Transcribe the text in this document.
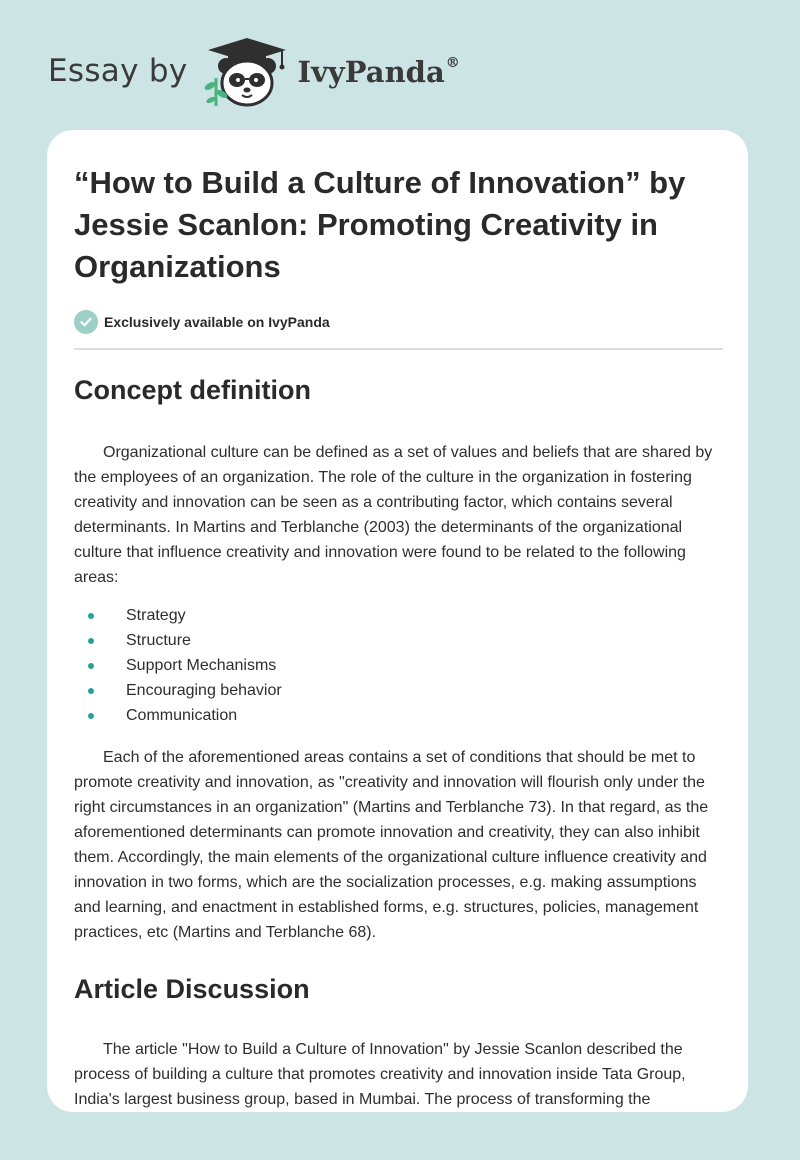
Essay by	IvyPanda®
“How to Build a Culture of Innovation” by Jessie Scanlon: Promoting Creativity in Organizations
Exclusively available on IvyPanda
Concept definition

Organizational culture can be defined as a set of values and beliefs that are shared by the employees of an organization. The role of the culture in the organization in fostering creativity and innovation can be seen as a contributing factor, which contains several determinants. In Martins and Terblanche (2003) the determinants of the organizational culture that influence creativity and innovation were found to be related to the following areas:

Strategy
Structure
Support Mechanisms
Encouraging behavior
Communication

Each of the aforementioned areas contains a set of conditions that should be met to promote creativity and innovation, as "creativity and innovation will flourish only under the right circumstances in an organization" (Martins and Terblanche 73). In that regard, as the aforementioned determinants can promote innovation and creativity, they can also inhibit them. Accordingly, the main elements of the organizational culture influence creativity and innovation in two forms, which are the socialization processes, e.g. making assumptions and learning, and enactment in established forms, e.g. structures, policies, management practices, etc (Martins and Terblanche 68).

Article Discussion

The article "How to Build a Culture of Innovation" by Jessie Scanlon described the process of building a culture that promotes creativity and innovation inside Tata Group, India's largest business group, based in Mumbai. The process of transforming the
